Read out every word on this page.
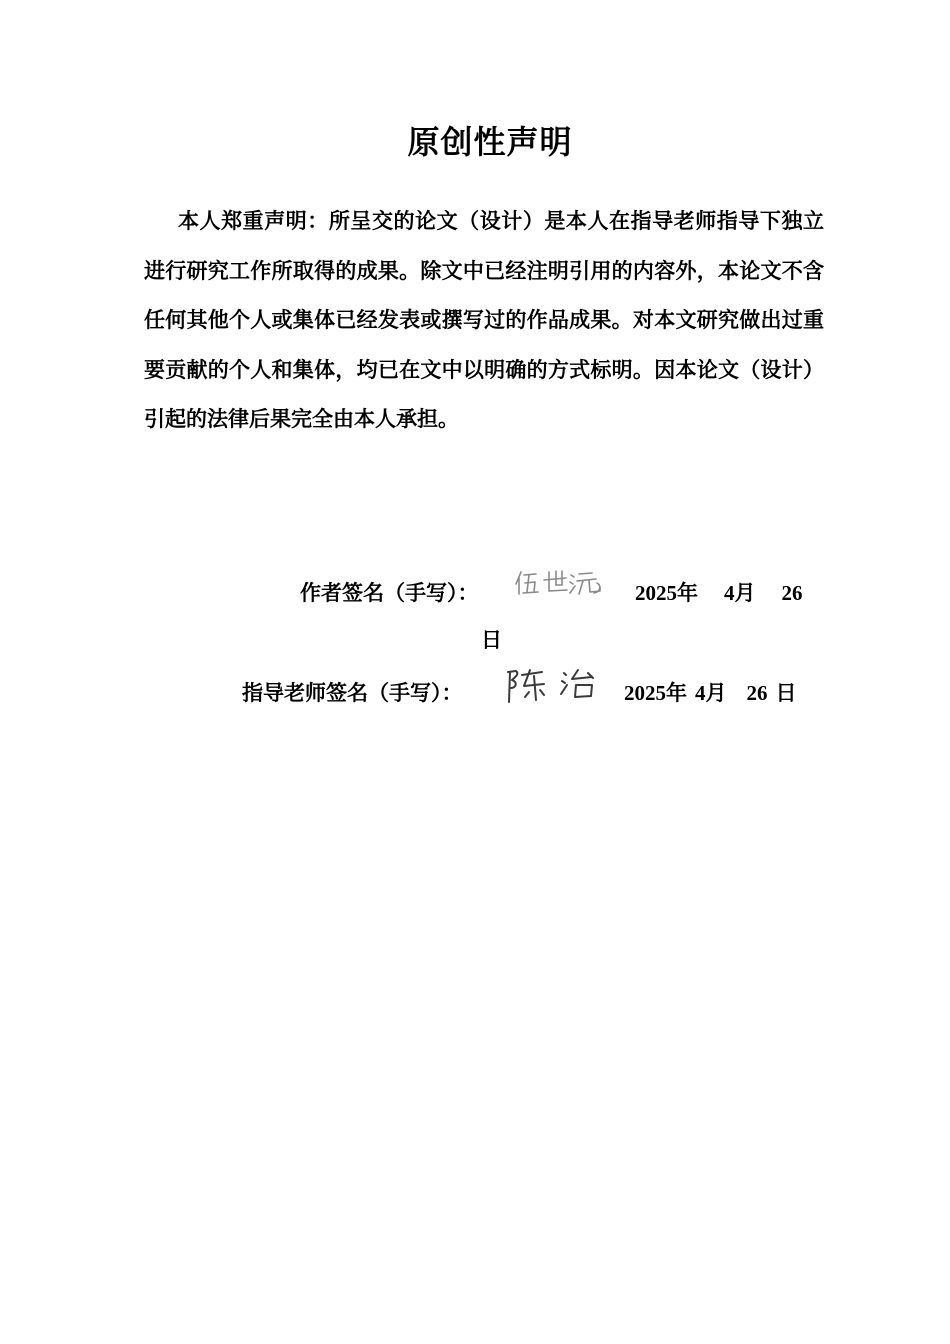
原创性声明

本人郑重声明：所呈交的论文（设计）是本人在指导老师指导下独立进行研究工作所取得的成果。除文中已经注明引用的内容外，本论文不含任何其他个人或集体已经发表或撰写过的作品成果。对本文研究做出过重要贡献的个人和集体，均已在文中以明确的方式标明。因本论文（设计）引起的法律后果完全由本人承担。

作者签名（手写）：	2025年 4月 26
日
指导老师签名（手写）：	2025年 4月 26 日
